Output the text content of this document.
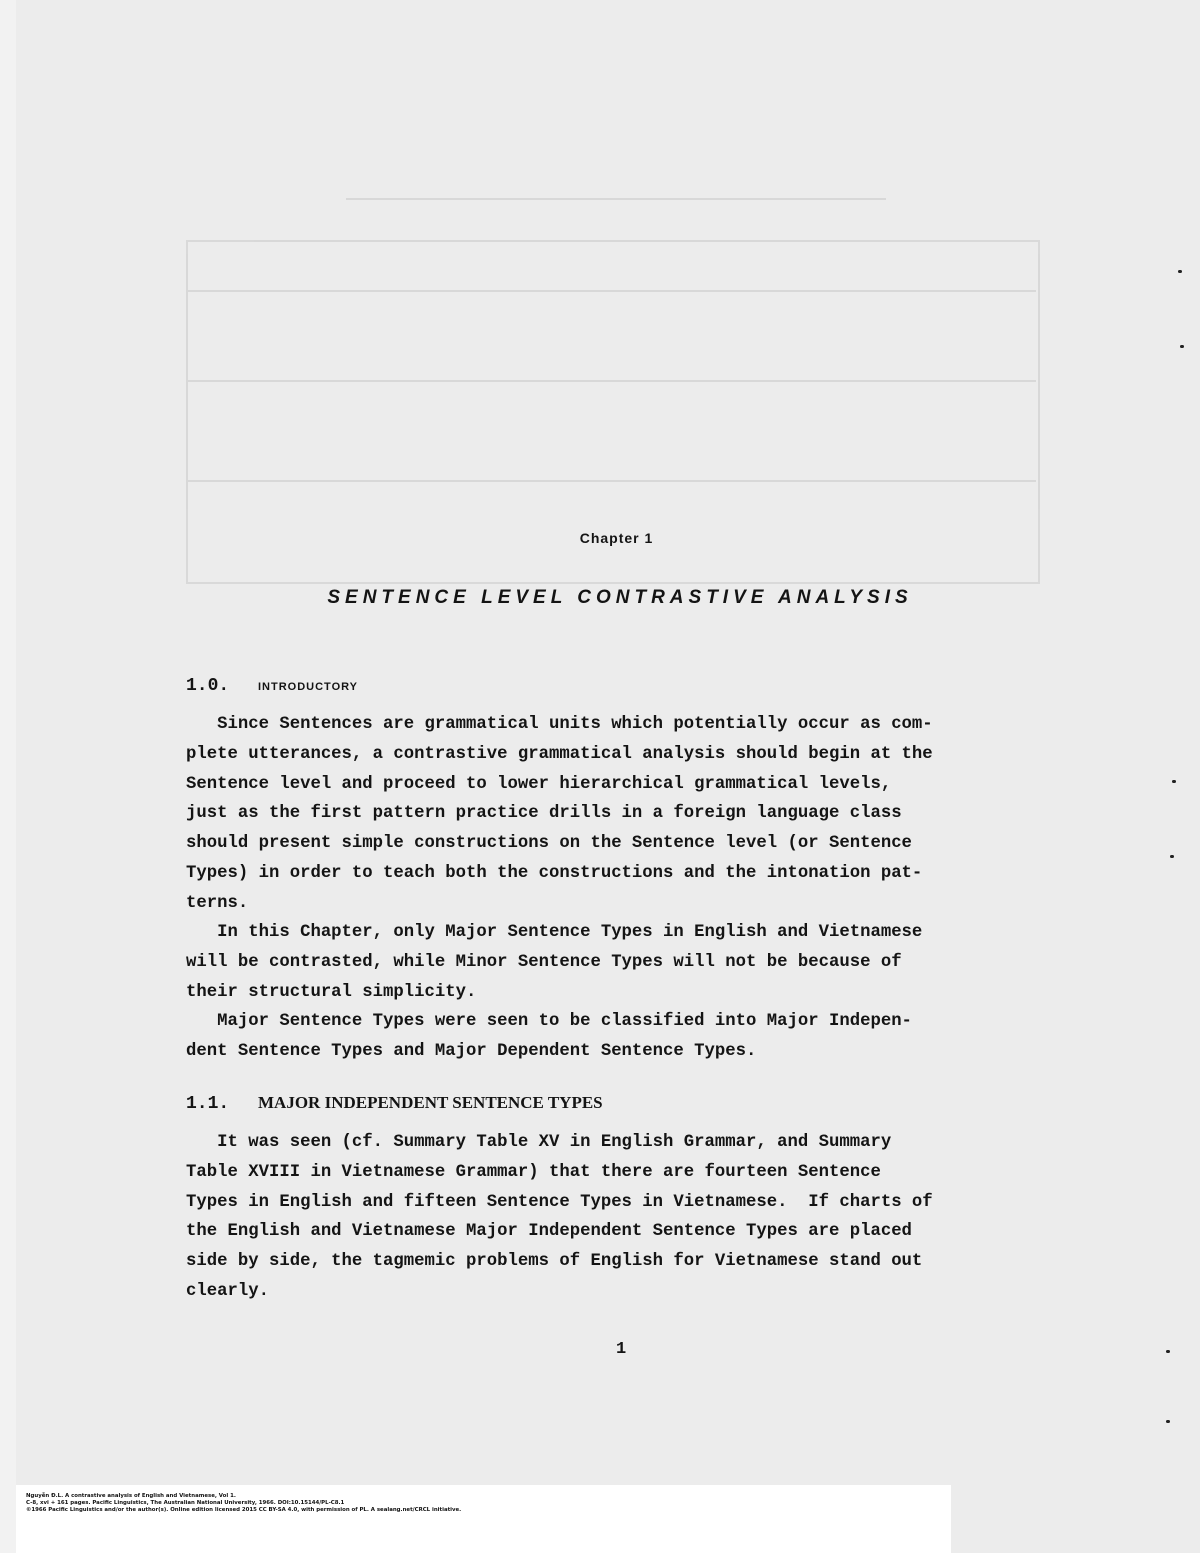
Chapter 1
SENTENCE LEVEL CONTRASTIVE ANALYSIS
1.0.	INTRODUCTORY
Since Sentences are grammatical units which potentially occur as com-
plete utterances, a contrastive grammatical analysis should begin at the
Sentence level and proceed to lower hierarchical grammatical levels,
just as the first pattern practice drills in a foreign language class
should present simple constructions on the Sentence level (or Sentence
Types) in order to teach both the constructions and the intonation pat-
terns.
In this Chapter, only Major Sentence Types in English and Vietnamese
will be contrasted, while Minor Sentence Types will not be because of
their structural simplicity.
Major Sentence Types were seen to be classified into Major Indepen-
dent Sentence Types and Major Dependent Sentence Types.
1.1. MAJOR INDEPENDENT SENTENCE TYPES
It was seen (cf. Summary Table XV in English Grammar, and Summary
Table XVIII in Vietnamese Grammar) that there are fourteen Sentence
Types in English and fifteen Sentence Types in Vietnamese.  If charts of
the English and Vietnamese Major Independent Sentence Types are placed
side by side, the tagmemic problems of English for Vietnamese stand out
clearly.
1
Nguyễn Đ.L. A contrastive analysis of English and Vietnamese, Vol 1.
C-8, xvi + 161 pages. Pacific Linguistics, The Australian National University, 1966. DOI:10.15144/PL-C8.1
©1966 Pacific Linguistics and/or the author(s). Online edition licensed 2015 CC BY-SA 4.0, with permission of PL. A sealang.net/CRCL initiative.
